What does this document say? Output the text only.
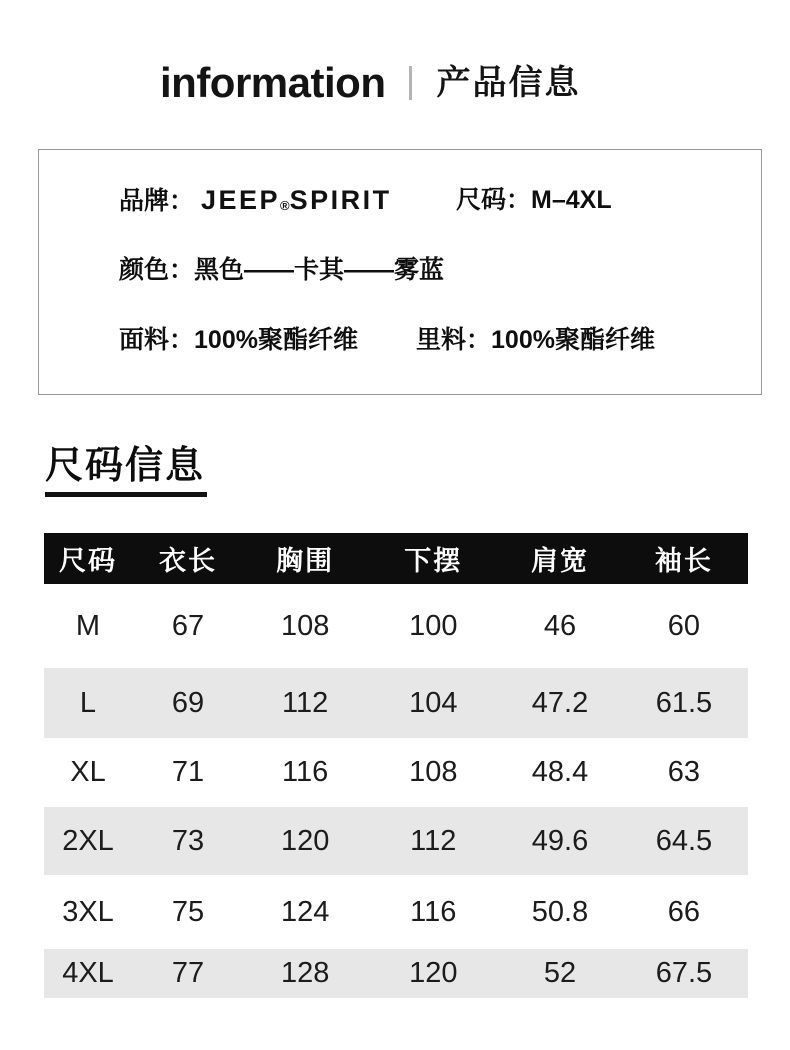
information 产品信息
品牌： JEEP®SPIRIT	尺码：M–4XL
颜色：黑色——卡其——雾蓝
面料：100%聚酯纤维 里料：100%聚酯纤维
尺码信息
尺码	衣长	胸围	下摆	肩宽	袖长
M	67	108	100	46	60
L	69	112	104	47.2	61.5
XL	71	116	108	48.4	63
2XL	73	120	112	49.6	64.5
3XL	75	124	116	50.8	66
4XL	77	128	120	52	67.5
